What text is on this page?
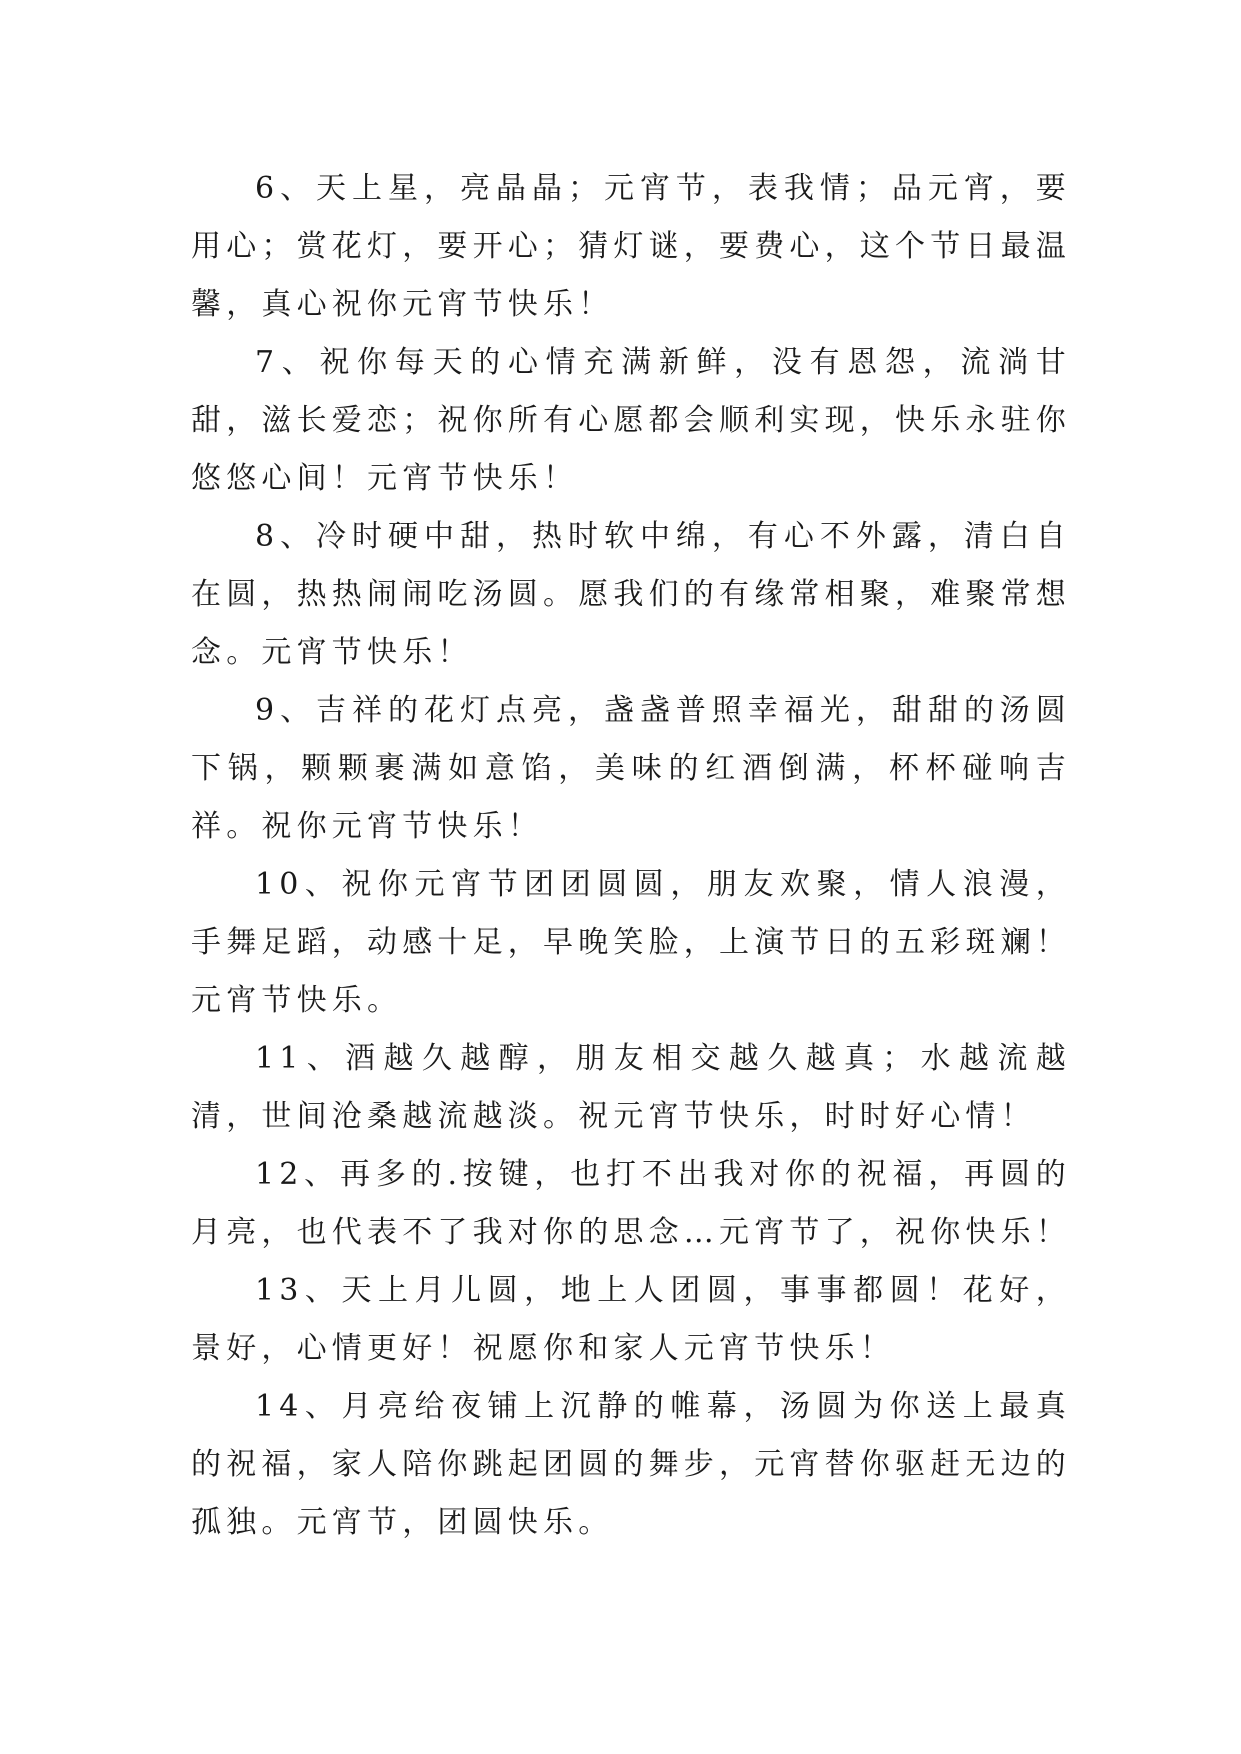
6、天上星，亮晶晶；元宵节，表我情；品元宵，要用心；赏花灯，要开心；猜灯谜，要费心，这个节日最温馨，真心祝你元宵节快乐！

7、祝你每天的心情充满新鲜，没有恩怨，流淌甘甜，滋长爱恋；祝你所有心愿都会顺利实现，快乐永驻你悠悠心间！元宵节快乐！

8、冷时硬中甜，热时软中绵，有心不外露，清白自在圆，热热闹闹吃汤圆。愿我们的有缘常相聚，难聚常想念。元宵节快乐！

9、吉祥的花灯点亮，盏盏普照幸福光，甜甜的汤圆下锅，颗颗裹满如意馅，美味的红酒倒满，杯杯碰响吉祥。祝你元宵节快乐！

10、祝你元宵节团团圆圆，朋友欢聚，情人浪漫，手舞足蹈，动感十足，早晚笑脸，上演节日的五彩斑斓！元宵节快乐。

11、酒越久越醇，朋友相交越久越真；水越流越清，世间沧桑越流越淡。祝元宵节快乐，时时好心情！

12、再多的.按键，也打不出我对你的祝福，再圆的月亮，也代表不了我对你的思念…元宵节了，祝你快乐！

13、天上月儿圆，地上人团圆，事事都圆！花好，景好，心情更好！祝愿你和家人元宵节快乐！

14、月亮给夜铺上沉静的帷幕，汤圆为你送上最真的祝福，家人陪你跳起团圆的舞步，元宵替你驱赶无边的孤独。元宵节，团圆快乐。
